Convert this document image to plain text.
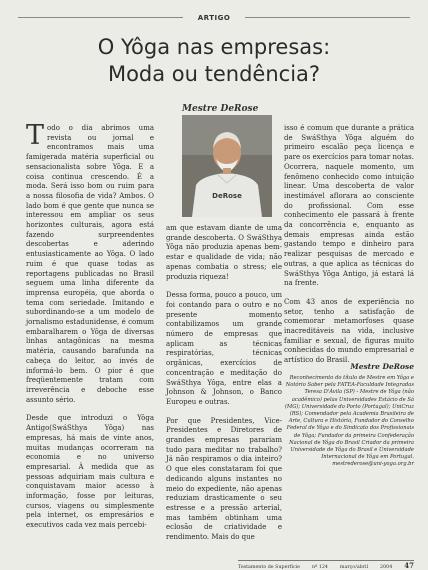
ARTIGO
O Yôga nas empresas:
Moda ou tendência?
Mestre DeRose
DeRose

Todo o dia abrimos uma revista ou jornal e encontramos mais uma famigerada matéria superficial ou sensacionalista sobre Yôga. E a coisa continua crescendo. É a moda. Será isso bom ou ruim para a nossa filosofia de vida? Ambos. O lado bom é que gente que nunca se interessou em ampliar os seus horizontes culturais, agora está fazendo surpreendentes descobertas e aderindo entusiasticamente ao Yôga. O lado ruim é que quase todas as reportagens publicadas no Brasil seguem uma linha diferente da imprensa européia, que aborda o tema com seriedade. Imitando e subordinando-se a um modelo de jornalismo estadunidense, é comum embaralharem o Yôga de diversas linhas antagônicas na mesma matéria, causando barafunda na cabeça do leitor, ao invés de informá-lo bem. O pior é que freqüentemente tratam com irreverência e deboche esse assunto sério.

Desde que introduzi o Yôga Antigo(SwáSthya Yôga) nas empresas, há mais de vinte anos, muitas mudanças ocorreram na economia e no universo empresarial. À medida que as pessoas adquiriam mais cultura e conquistavam maior acesso à informação, fosse por leituras, cursos, viagens ou simplesmente pela internet, os empresários e executivos cada vez mais percebi-

am que estavam diante de uma grande descoberta. O SwáSthya Yôga não produzia apenas bem-estar e qualidade de vida; não apenas combatia o stress; ele produzia riqueza!

Dessa forma, pouco a pouco, um foi contando para o outro e no presente momento contabilizamos um grande número de empresas que aplicam as técnicas respiratórias, técnicas orgânicas, exercícios de concentração e meditação do SwáSthya Yôga, entre elas a Johnson & Johnson, o Banco Europeu e outras.

Por que Presidentes, Vice-Presidentes e Diretores de grandes empresas parariam tudo para meditar no trabalho? Já não respiramos o dia inteiro? O que eles constataram foi que dedicando alguns instantes no meio do expediente, não apenas reduziam drasticamente o seu estresse e a pressão arterial, mas também obtinham uma eclosão de criatividade e rendimento. Mais do que

isso é comum que durante a prática de SwáSthya Yôga alguém do primeiro escalão peça licença e pare os exercícios para tomar notas. Ocorrera, naquele momento, um fenômeno conhecido como intuição linear. Uma descoberta de valor inestimável aflorara ao consciente do profissional. Com esse conhecimento ele passará à frente da concorrência e, enquanto as demais empresas ainda estão gastando tempo e dinheiro para realizar pesquisas de mercado e outras, a que aplica as técnicas do SwáSthya Yôga Antigo, já estará lá na frente.

Com 43 anos de experiência no setor, tenho a satisfação de comemorar metamorfoses quase inacreditáveis na vida, inclusive familiar e sexual, de figuras muito conhecidas do mundo empresarial e artístico do Brasil.

Mestre DeRose
Reconhecimento do título de Mestre em Yôga e Notório Saber pela FATEA-Faculdade Integradas Teresa D'Ávila (SP) - Mestre de Yôga (não acadêmico) pelas Universidades Estácio de Sá (MG); Universidade do Porto (Portugal); UniCruz (RS); Comendador pela Academia Brasileira de Arte, Cultura e História, Fundador do Conselho Federal de Yôga e do Sindicato dos Profissionais de Yôga; Fundador da primeira Confederação Nacional de Yôga do Brasil Criador da primeira Universidade de Yôga do Brasil e Universidade Internacional de Yôga em Portugal. mestrederose@uni-yoga.org.br
Testamento de Superficie nº 124 março/abril 2004 47
